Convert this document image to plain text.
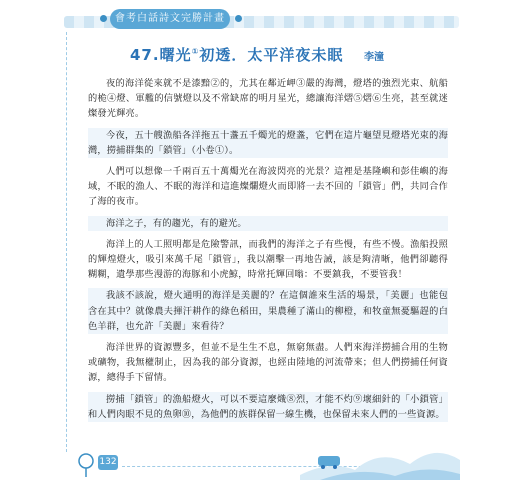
會考白話詩文完勝計畫
47.曙光①初透．太平洋夜未眠	李潼

夜的海洋從來就不是漆黯②的，尤其在鄰近岬③嚴的海灣，燈塔的強烈光束、航船的桅④燈、軍艦的信號燈以及不常缺席的明月星光，總讓海洋熠⑤熠⑥生亮，甚至就迷燦發光輝亮。

今夜，五十艘漁船各洋拖五十盞五千燭光的燈盞，它們在這片龜望見燈塔光束的海灣，撈捕群集的「鎖管」（小卷①）。

人們可以想像一千兩百五十萬燭光在海波閃亮的光景？這裡是基隆嶼和彭佳嶼的海域，不眠的漁人、不眠的海洋和這進燦爛燈火而即將一去不回的「鎖管」們，共同合作了海的夜市。

海洋之子，有的趨光，有的避光。

海洋上的人工照明都是危險警訊，而我們的海洋之子有些慢，有些不慢。漁船投照的輝煌燈火，吸引來萬千尾「鎖管」，我以潮擊一再地告誡，該是夠清晰，他們卻聽得糊糊，遺學那些漫游的海豚和小虎鯨，時常托輝回嗡：不要鎮我，不要管我！

我該不該說，燈火通明的海洋是美麗的？在這個誰來生活的場景，「美麗」也能包含在其中？就像農夫揮汗耕作的綠色稻田，果農種了滿山的柳橙，和牧童無憂驅趕的白色羊群，也允許「美麗」來看待？

海洋世界的資源豐多，但並不是生生不息，無窮無盡。人們來海洋撈捕合用的生物或礦物，我無權制止，因為我的部分資源，也經由陸地的河流帶來；但人們撈捕任何資源，總得手下留情。

撈捕「鎖管」的漁船燈火，可以不要這麼熾⑧烈，才能不灼⑨壞細針的「小鎖管」和人們肉眼不見的魚卵⑩，為他們的族群保留一線生機，也保留未來人們的一些資源。

132
